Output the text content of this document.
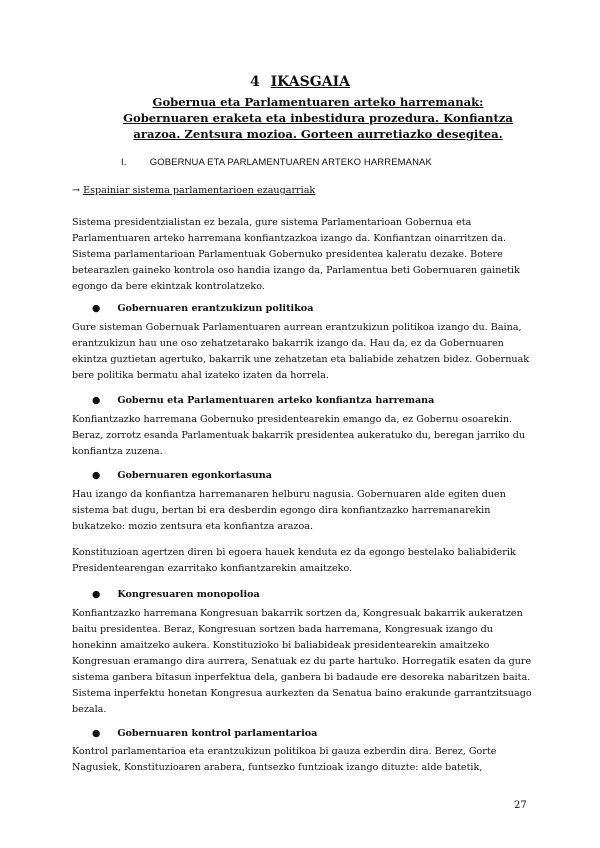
4 IKASGAIA
Gobernua eta Parlamentuaren arteko harremanak: Gobernuaren eraketa eta inbestidura prozedura. Konfiantza arazoa. Zentsura mozioa. Gorteen aurretiazko desegitea.
I. GOBERNUA ETA PARLAMENTUAREN ARTEKO HARREMANAK
→ Espainiar sistema parlamentarioen ezaugarriak

Sistema presidentzialistan ez bezala, gure sistema Parlamentarioan Gobernua eta Parlamentuaren arteko harremana konfiantzazkoa izango da. Konfiantzan oinarritzen da. Sistema parlamentarioan Parlamentuak Gobernuko presidentea kaleratu dezake. Botere betearazlen gaineko kontrola oso handia izango da, Parlamentua beti Gobernuaren gainetik egongo da bere ekintzak kontrolatzeko.

● Gobernuaren erantzukizun politikoa

Gure sisteman Gobernuak Parlamentuaren aurrean erantzukizun politikoa izango du. Baina, erantzukizun hau une oso zehatzetarako bakarrik izango da. Hau da, ez da Gobernuaren ekintza guztietan agertuko, bakarrik une zehatzetan eta baliabide zehatzen bidez. Gobernuak bere politika bermatu ahal izateko izaten da horrela.

● Gobernu eta Parlamentuaren arteko konfiantza harremana

Konfiantzazko harremana Gobernuko presidentearekin emango da, ez Gobernu osoarekin. Beraz, zorrotz esanda Parlamentuak bakarrik presidentea aukeratuko du, beregan jarriko du konfiantza zuzena.

● Gobernuaren egonkortasuna

Hau izango da konfiantza harremanaren helburu nagusia. Gobernuaren alde egiten duen sistema bat dugu, bertan bi era desberdin egongo dira konfiantzazko harremanarekin bukatzeko: mozio zentsura eta konfiantza arazoa.

Konstituzioan agertzen diren bi egoera hauek kenduta ez da egongo bestelako baliabiderik Presidentearengan ezarritako konfiantzarekin amaitzeko.

● Kongresuaren monopolioa

Konfiantzazko harremana Kongresuan bakarrik sortzen da, Kongresuak bakarrik aukeratzen baitu presidentea. Beraz, Kongresuan sortzen bada harremana, Kongresuak izango du honekinn amaitzeko aukera. Konstituzioko bi baliabideak presidentearekin amaitzeko Kongresuan eramango dira aurrera, Senatuak ez du parte hartuko. Horregatik esaten da gure sistema ganbera bitasun inperfektua dela, ganbera bi badaude ere desoreka nabaritzen baita. Sistema inperfektu honetan Kongresua aurkezten da Senatua baino erakunde garrantzitsuago bezala.

● Gobernuaren kontrol parlamentarioa

Kontrol parlamentarioa eta erantzukizun politikoa bi gauza ezberdin dira. Berez, Gorte Nagusiek, Konstituzioaren arabera, funtsezko funtzioak izango dituzte: alde batetik,

27
